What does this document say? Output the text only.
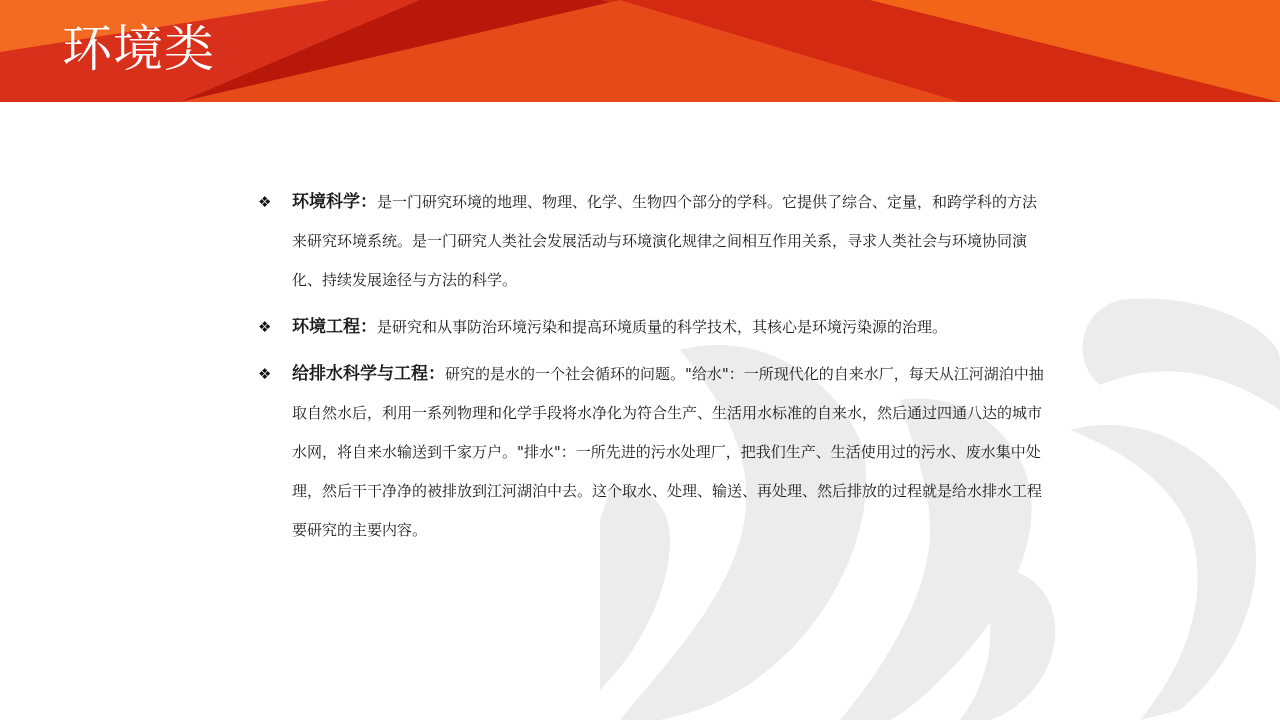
环境类
❖ 环境科学：是一门研究环境的地理、物理、化学、生物四个部分的学科。它提供了综合、定量，和跨学科的方法来研究环境系统。是一门研究人类社会发展活动与环境演化规律之间相互作用关系，寻求人类社会与环境协同演化、持续发展途径与方法的科学。
❖ 环境工程：是研究和从事防治环境污染和提高环境质量的科学技术，其核心是环境污染源的治理。
❖ 给排水科学与工程：研究的是水的一个社会循环的问题。"给水"：一所现代化的自来水厂，每天从江河湖泊中抽取自然水后，利用一系列物理和化学手段将水净化为符合生产、生活用水标准的自来水，然后通过四通八达的城市水网，将自来水输送到千家万户。"排水"：一所先进的污水处理厂，把我们生产、生活使用过的污水、废水集中处理，然后干干净净的被排放到江河湖泊中去。这个取水、处理、输送、再处理、然后排放的过程就是给水排水工程要研究的主要内容。
